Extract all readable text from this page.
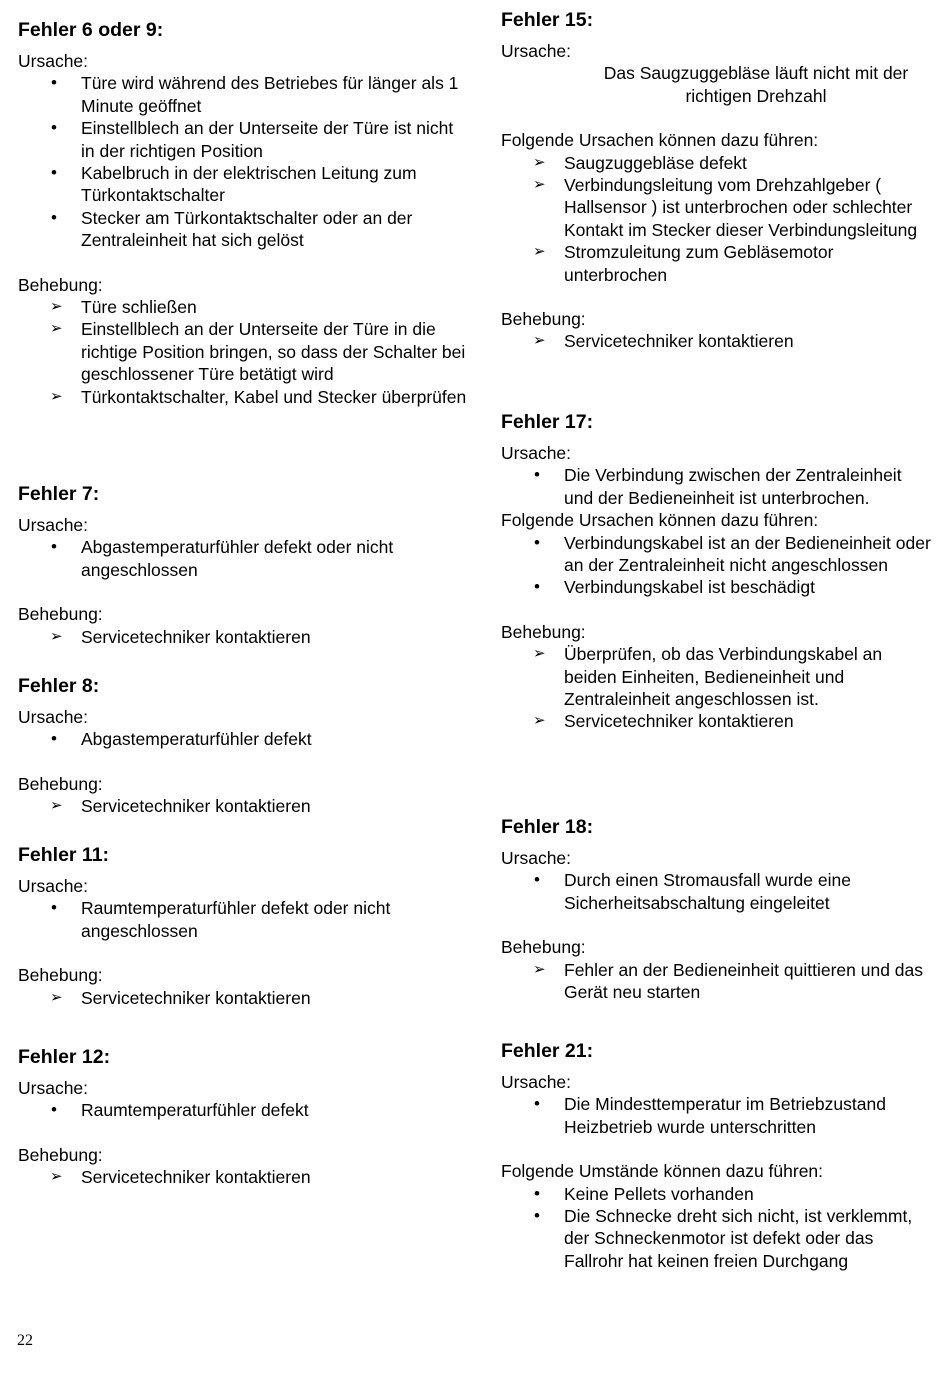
Fehler 6 oder 9:
Ursache:
• Türe wird während des Betriebes für länger als 1 Minute geöffnet
• Einstellblech an der Unterseite der Türe ist nicht in der richtigen Position
• Kabelbruch in der elektrischen Leitung zum Türkontaktschalter
• Stecker am Türkontaktschalter oder an der Zentraleinheit hat sich gelöst
Behebung:
➢ Türe schließen
➢ Einstellblech an der Unterseite der Türe in die richtige Position bringen, so dass der Schalter bei geschlossener Türe betätigt wird
➢ Türkontaktschalter, Kabel und Stecker überprüfen
Fehler 7:
Ursache:
• Abgastemperaturfühler defekt oder nicht angeschlossen
Behebung:
➢ Servicetechniker kontaktieren
Fehler 8:
Ursache:
• Abgastemperaturfühler defekt
Behebung:
➢ Servicetechniker kontaktieren
Fehler 11:
Ursache:
• Raumtemperaturfühler defekt oder nicht angeschlossen
Behebung:
➢ Servicetechniker kontaktieren
Fehler 12:
Ursache:
• Raumtemperaturfühler defekt
Behebung:
➢ Servicetechniker kontaktieren
Fehler 15:
Ursache:
Das Saugzuggebläse läuft nicht mit der richtigen Drehzahl
Folgende Ursachen können dazu führen:
➢ Saugzuggebläse defekt
➢ Verbindungsleitung vom Drehzahlgeber ( Hallsensor ) ist unterbrochen oder schlechter Kontakt im Stecker dieser Verbindungsleitung
➢ Stromzuleitung zum Gebläsemotor unterbrochen
Behebung:
➢ Servicetechniker kontaktieren
Fehler 17:
Ursache:
• Die Verbindung zwischen der Zentraleinheit und der Bedieneinheit ist unterbrochen.
Folgende Ursachen können dazu führen:
• Verbindungskabel ist an der Bedieneinheit oder an der Zentraleinheit nicht angeschlossen
• Verbindungskabel ist beschädigt
Behebung:
➢ Überprüfen, ob das Verbindungskabel an beiden Einheiten, Bedieneinheit und Zentraleinheit angeschlossen ist.
➢ Servicetechniker kontaktieren
Fehler 18:
Ursache:
• Durch einen Stromausfall wurde eine Sicherheitsabschaltung eingeleitet
Behebung:
➢ Fehler an der Bedieneinheit quittieren und das Gerät neu starten
Fehler 21:
Ursache:
• Die Mindesttemperatur im Betriebzustand Heizbetrieb wurde unterschritten
Folgende Umstände können dazu führen:
• Keine Pellets vorhanden
• Die Schnecke dreht sich nicht, ist verklemmt, der Schneckenmotor ist defekt oder das Fallrohr hat keinen freien Durchgang
22
